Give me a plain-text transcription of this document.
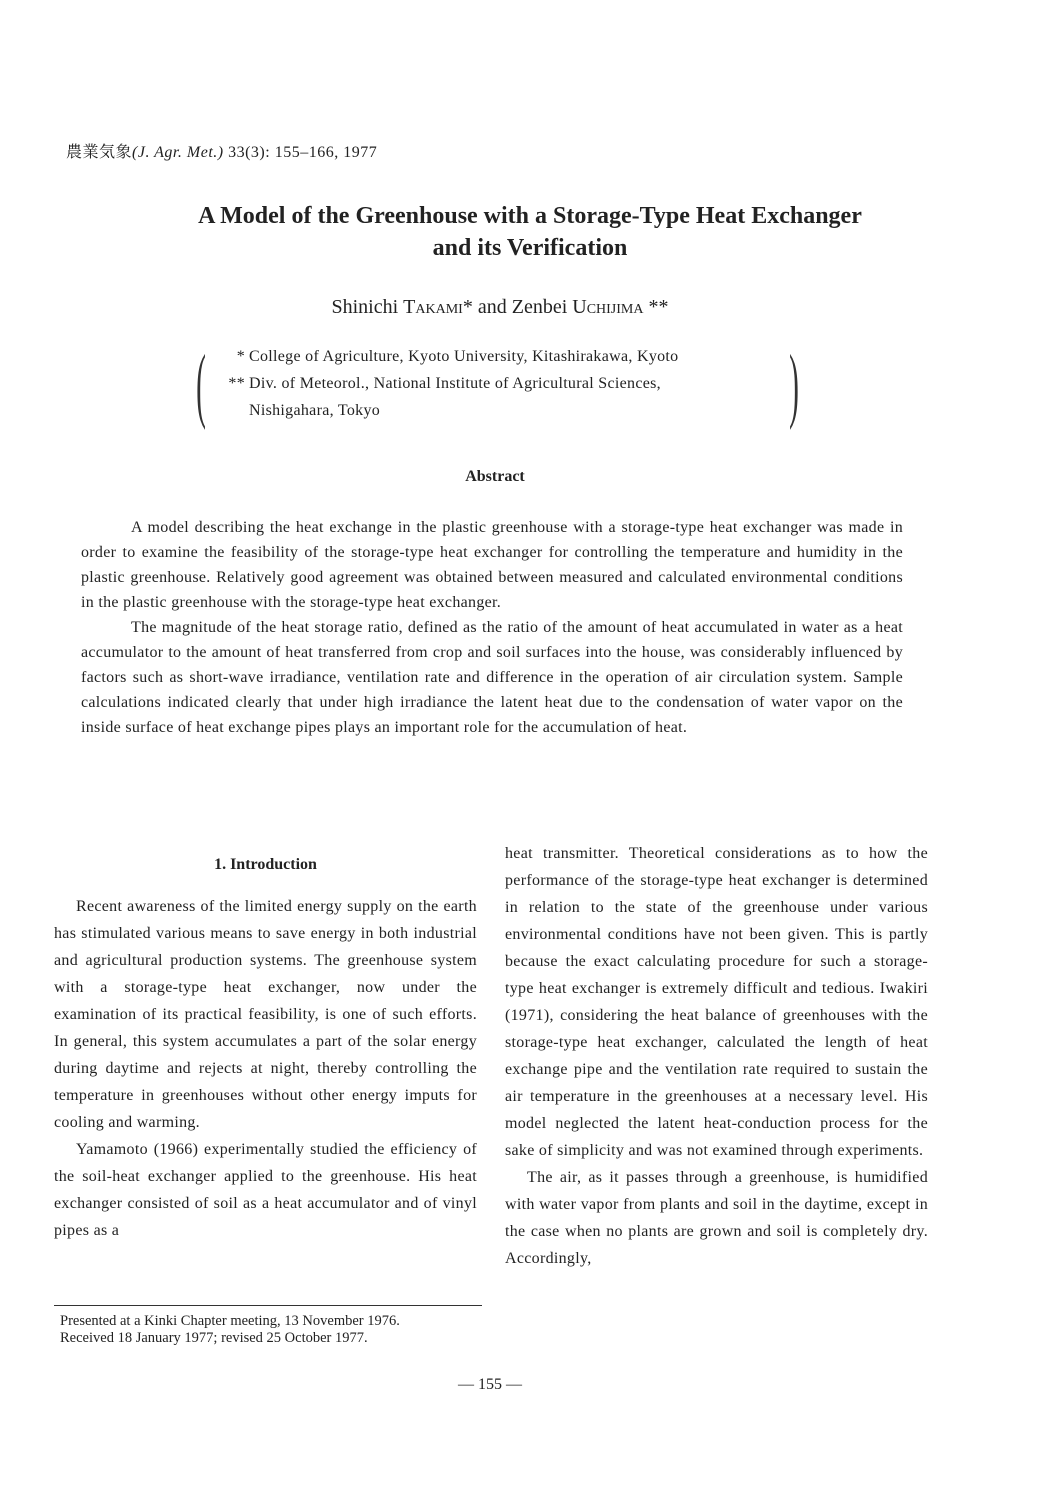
農業気象(J. Agr. Met.) 33(3): 155–166, 1977
A Model of the Greenhouse with a Storage-Type Heat Exchanger
and its Verification
Shinichi Takami* and Zenbei Uchijima **
(	)
* College of Agriculture, Kyoto University, Kitashirakawa, Kyoto
** Div. of Meteorol., National Institute of Agricultural Sciences,
Nishigahara, Tokyo
Abstract

A model describing the heat exchange in the plastic greenhouse with a storage-type heat exchanger was made in order to examine the feasibility of the storage-type heat exchanger for controlling the temperature and humidity in the plastic greenhouse. Relatively good agreement was obtained between measured and calculated environmental conditions in the plastic greenhouse with the storage-type heat exchanger.

The magnitude of the heat storage ratio, defined as the ratio of the amount of heat accumulated in water as a heat accumulator to the amount of heat transferred from crop and soil surfaces into the house, was considerably influenced by factors such as short-wave irradiance, ventilation rate and difference in the operation of air circulation system. Sample calculations indicated clearly that under high irradiance the latent heat due to the condensation of water vapor on the inside surface of heat exchange pipes plays an important role for the accumulation of heat.

1. Introduction

Recent awareness of the limited energy supply on the earth has stimulated various means to save energy in both industrial and agricultural production systems. The greenhouse system with a storage-type heat exchanger, now under the examination of its practical feasibility, is one of such efforts. In general, this system accumulates a part of the solar energy during daytime and rejects at night, thereby controlling the temperature in greenhouses without other energy imputs for cooling and warming.

Yamamoto (1966) experimentally studied the efficiency of the soil-heat exchanger applied to the greenhouse. His heat exchanger consisted of soil as a heat accumulator and of vinyl pipes as a

heat transmitter. Theoretical considerations as to how the performance of the storage-type heat exchanger is determined in relation to the state of the greenhouse under various environmental conditions have not been given. This is partly because the exact calculating procedure for such a storage-type heat exchanger is extremely difficult and tedious. Iwakiri (1971), considering the heat balance of greenhouses with the storage-type heat exchanger, calculated the length of heat exchange pipe and the ventilation rate required to sustain the air temperature in the greenhouses at a necessary level. His model neglected the latent heat-conduction process for the sake of simplicity and was not examined through experiments.

The air, as it passes through a greenhouse, is humidified with water vapor from plants and soil in the daytime, except in the case when no plants are grown and soil is completely dry. Accordingly,

Presented at a Kinki Chapter meeting, 13 November 1976.
Received 18 January 1977; revised 25 October 1977.
— 155 —
